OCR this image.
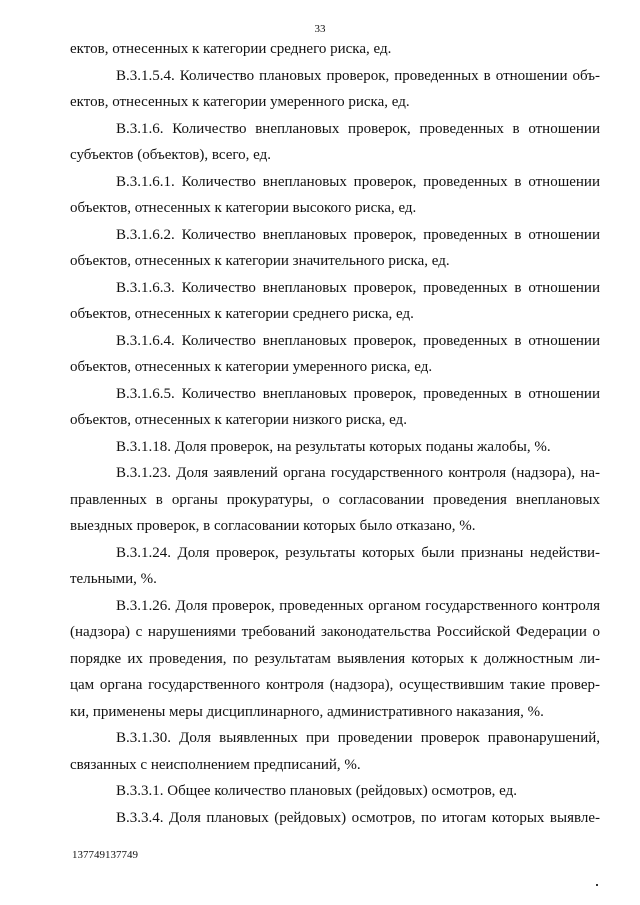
33
ектов, отнесенных к категории среднего риска, ед.
В.3.1.5.4. Количество плановых проверок, проведенных в отношении объ-
ектов, отнесенных к категории умеренного риска, ед.
В.3.1.6. Количество внеплановых проверок, проведенных в отношении
субъектов (объектов), всего, ед.
В.3.1.6.1. Количество внеплановых проверок, проведенных в отношении
объектов, отнесенных к категории высокого риска, ед.
В.3.1.6.2. Количество внеплановых проверок, проведенных в отношении
объектов, отнесенных к категории значительного риска, ед.
В.3.1.6.3. Количество внеплановых проверок, проведенных в отношении
объектов, отнесенных к категории среднего риска, ед.
В.3.1.6.4. Количество внеплановых проверок, проведенных в отношении
объектов, отнесенных к категории умеренного риска, ед.
В.3.1.6.5. Количество внеплановых проверок, проведенных в отношении
объектов, отнесенных к категории низкого риска, ед.
В.3.1.18. Доля проверок, на результаты которых поданы жалобы, %.
В.3.1.23. Доля заявлений органа государственного контроля (надзора), на-
правленных в органы прокуратуры, о согласовании проведения внеплановых
выездных проверок, в согласовании которых было отказано, %.
В.3.1.24. Доля проверок, результаты которых были признаны недействи-
тельными, %.
В.3.1.26. Доля проверок, проведенных органом государственного контроля
(надзора) с нарушениями требований законодательства Российской Федерации о
порядке их проведения, по результатам выявления которых к должностным ли-
цам органа государственного контроля (надзора), осуществившим такие провер-
ки, применены меры дисциплинарного, административного наказания, %.
В.3.1.30. Доля выявленных при проведении проверок правонарушений,
связанных с неисполнением предписаний, %.
В.3.3.1. Общее количество плановых (рейдовых) осмотров, ед.
В.3.3.4. Доля плановых (рейдовых) осмотров, по итогам которых выявле-
137749137749
